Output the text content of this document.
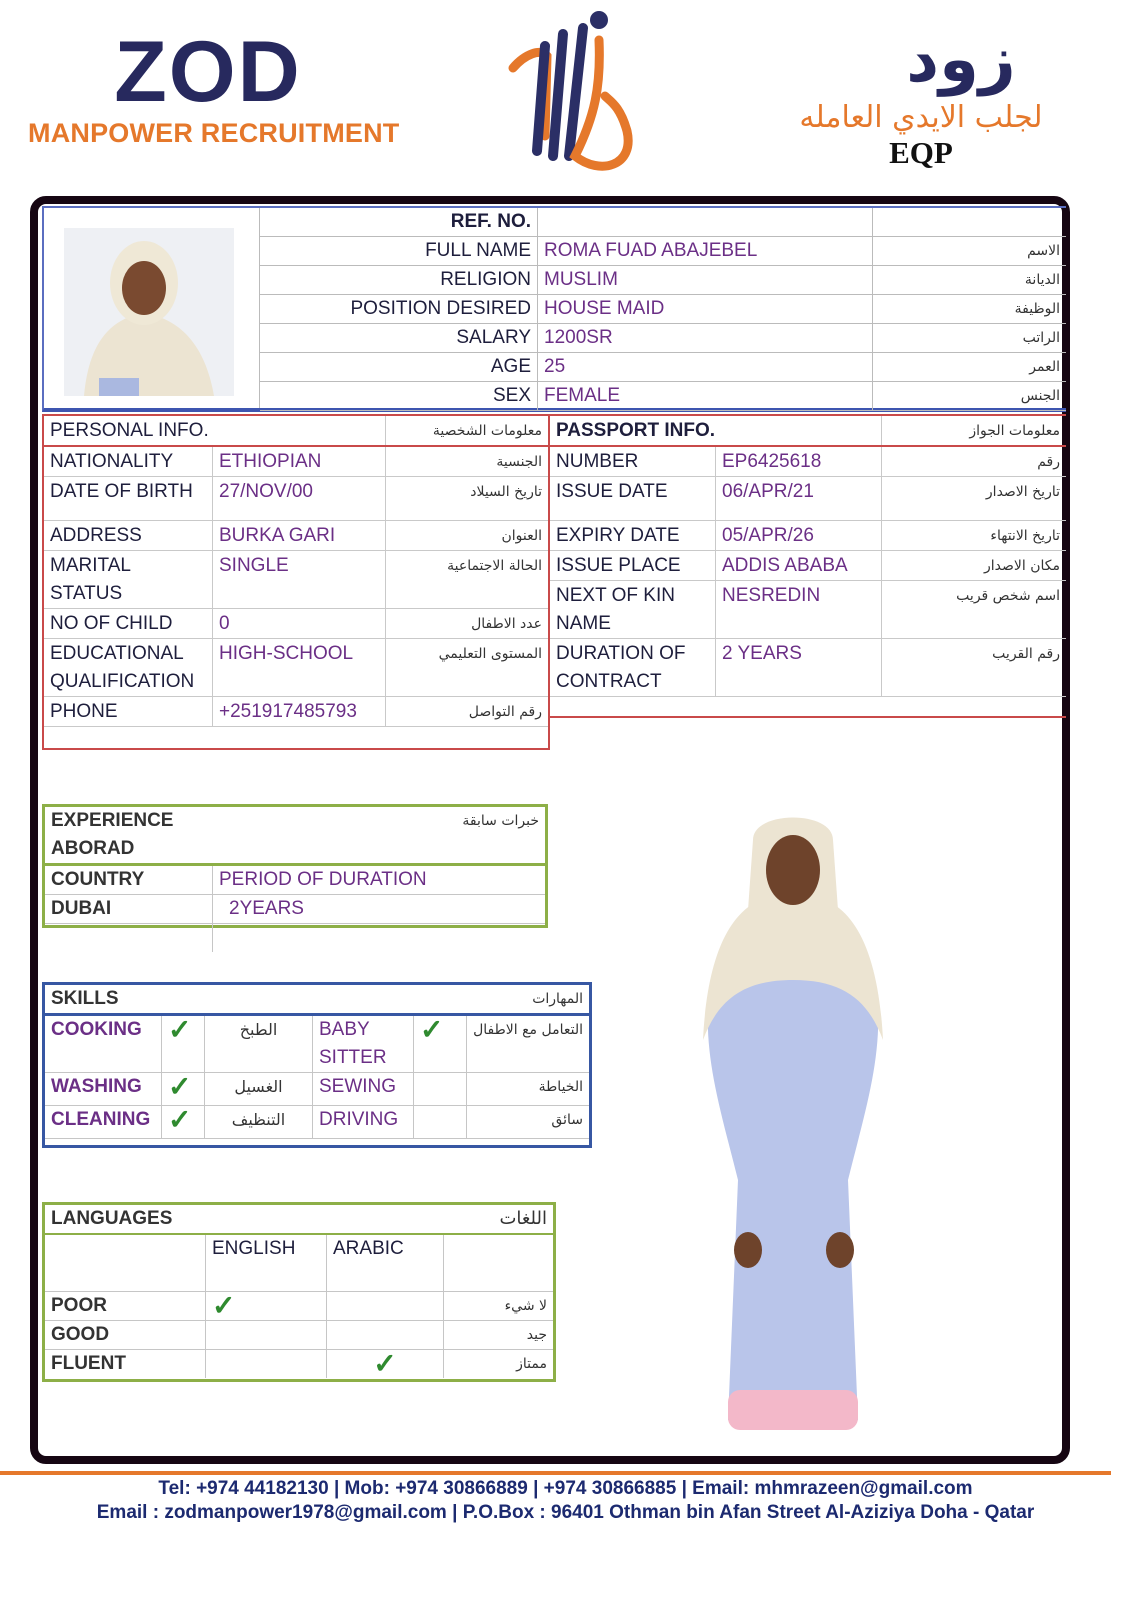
ZOD
MANPOWER RECRUITMENT
زود
لجلب الايدي العامله
EQP
REF. NO.		
FULL NAME	ROMA FUAD ABAJEBEL	الاسم
RELIGION	MUSLIM	الديانة
POSITION DESIRED	HOUSE MAID	الوظيفة
SALARY	1200SR	الراتب
AGE	25	العمر
SEX	FEMALE	الجنس
PERSONAL INFO.		معلومات الشخصية
NATIONALITY	ETHIOPIAN	الجنسية
DATE OF BIRTH	27/NOV/00	تاريخ السيلاد
ADDRESS	BURKA GARI	العنوان
MARITAL STATUS	SINGLE	الحالة الاجتماعية
NO OF CHILD	0	عدد الاطفال
EDUCATIONAL QUALIFICATION	HIGH-SCHOOL	المستوى التعليمي
PHONE	+251917485793	رقم التواصل
PASSPORT INFO.		معلومات الجواز
NUMBER	EP6425618	رقم
ISSUE DATE	06/APR/21	تاريخ الاصدار
EXPIRY DATE	05/APR/26	تاريخ الانتهاء
ISSUE PLACE	ADDIS ABABA	مكان الاصدار
NEXT OF KIN NAME	NESREDIN	اسم شخص قريب
DURATION OF CONTRACT	2 YEARS	رقم القريب
EXPERIENCE ABORAD	خبرات سابقة
COUNTRY	PERIOD OF DURATION
DUBAI	2YEARS

SKILLS			المهارات		
COOKING	✓	الطبخ	BABY SITTER	✓	التعامل مع الاطفال
WASHING	✓	الغسيل	SEWING		الخياطة
CLEANING	✓	التنظيف	DRIVING		سائق
LANGUAGES			اللغات
	ENGLISH	ARABIC	
POOR	✓		لا شيء
GOOD			جيد
FLUENT		✓	ممتاز
Tel: +974 44182130 | Mob: +974 30866889 | +974 30866885 | Email: mhmrazeen@gmail.com
Email : zodmanpower1978@gmail.com | P.O.Box : 96401 Othman bin Afan Street Al-Aziziya Doha - Qatar
